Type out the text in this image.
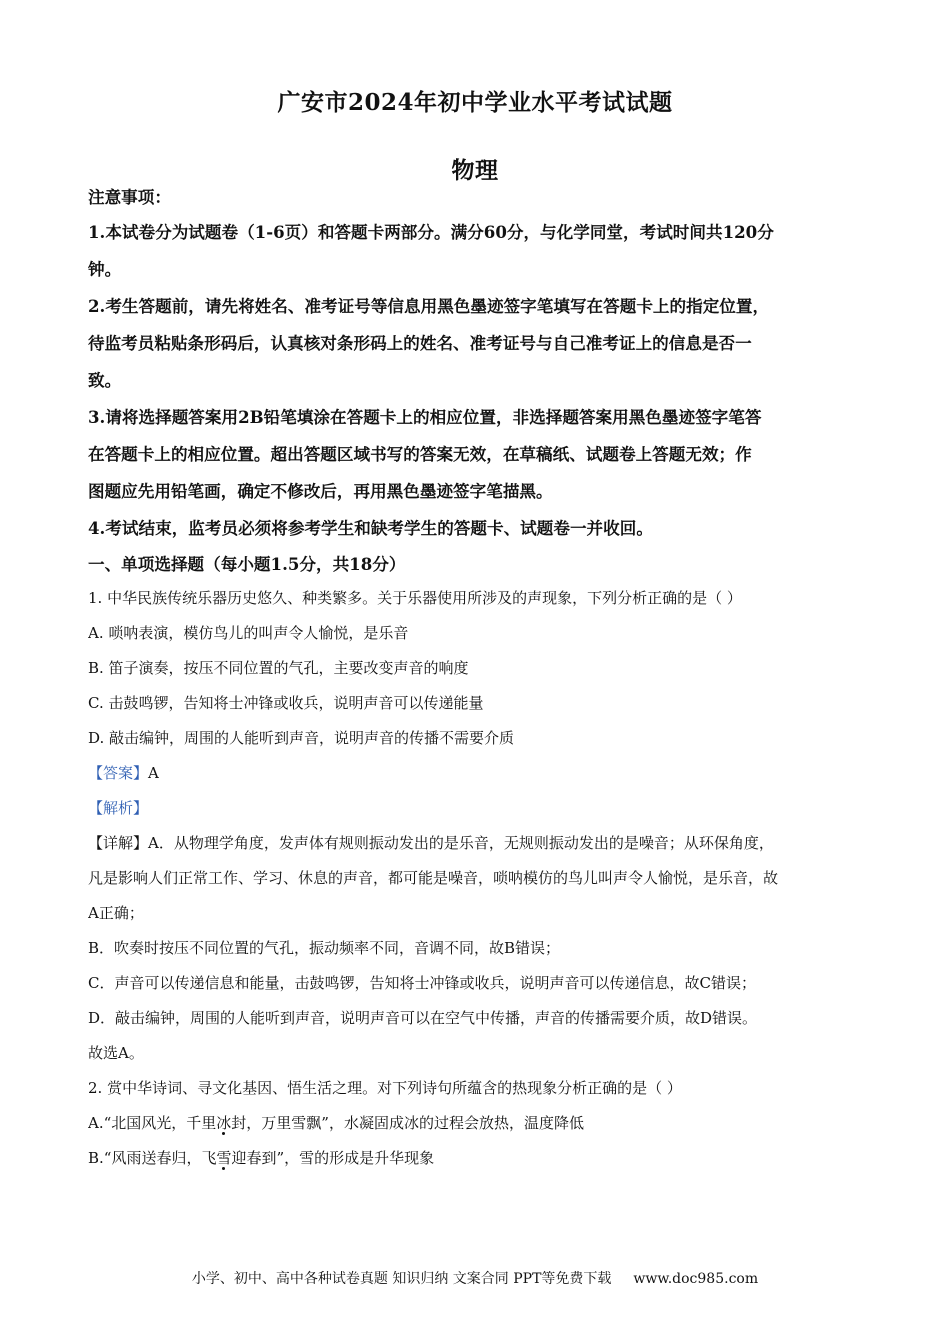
广安市2024年初中学业水平考试试题
物理
注意事项：
1.本试卷分为试题卷（1-6页）和答题卡两部分。满分60分，与化学同堂，考试时间共120分
钟。
2.考生答题前，请先将姓名、准考证号等信息用黑色墨迹签字笔填写在答题卡上的指定位置，
待监考员粘贴条形码后，认真核对条形码上的姓名、准考证号与自己准考证上的信息是否一
致。
3.请将选择题答案用2B铅笔填涂在答题卡上的相应位置，非选择题答案用黑色墨迹签字笔答
在答题卡上的相应位置。超出答题区域书写的答案无效，在草稿纸、试题卷上答题无效；作
图题应先用铅笔画，确定不修改后，再用黑色墨迹签字笔描黑。
4.考试结束，监考员必须将参考学生和缺考学生的答题卡、试题卷一并收回。
一、单项选择题（每小题1.5分，共18分）
1. 中华民族传统乐器历史悠久、种类繁多。关于乐器使用所涉及的声现象，下列分析正确的是（ ）
A. 唢呐表演，模仿鸟儿的叫声令人愉悦，是乐音
B. 笛子演奏，按压不同位置的气孔，主要改变声音的响度
C. 击鼓鸣锣，告知将士冲锋或收兵，说明声音可以传递能量
D. 敲击编钟，周围的人能听到声音，说明声音的传播不需要介质
【答案】A
【解析】
【详解】A．从物理学角度，发声体有规则振动发出的是乐音，无规则振动发出的是噪音；从环保角度，
凡是影响人们正常工作、学习、休息的声音，都可能是噪音，唢呐模仿的鸟儿叫声令人愉悦，是乐音，故
A正确；
B．吹奏时按压不同位置的气孔，振动频率不同，音调不同，故B错误；
C．声音可以传递信息和能量，击鼓鸣锣，告知将士冲锋或收兵，说明声音可以传递信息，故C错误；
D．敲击编钟，周围的人能听到声音，说明声音可以在空气中传播，声音的传播需要介质，故D错误。
故选A。
2. 赏中华诗词、寻文化基因、悟生活之理。对下列诗句所蕴含的热现象分析正确的是（ ）
A.“北国风光，千里冰封，万里雪飘”，水凝固成冰的过程会放热，温度降低
B.“风雨送春归，飞雪迎春到”，雪的形成是升华现象
小学、初中、高中各种试卷真题 知识归纳 文案合同 PPT等免费下载 www.doc985.com
